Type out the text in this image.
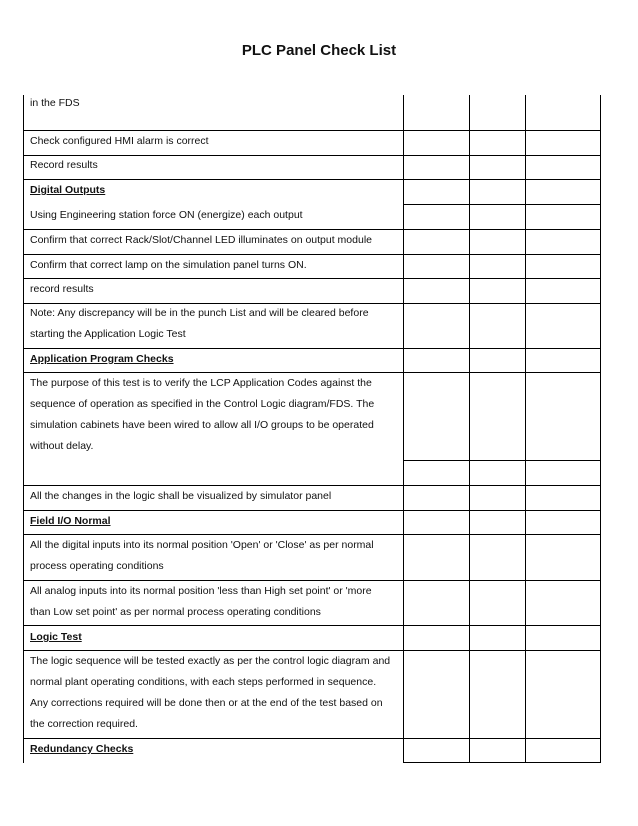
PLC Panel Check List
in the FDS
Check configured HMI alarm is correct
Record results
Digital Outputs
Using Engineering station force ON (energize) each output
Confirm that correct Rack/Slot/Channel LED illuminates on output module
Confirm that correct lamp on the simulation panel turns ON.
record results
Note: Any discrepancy will be in the punch List and will be cleared before
starting the Application Logic Test
Application Program Checks
The purpose of this test is to verify the LCP Application Codes against the
sequence of operation as specified in the Control Logic diagram/FDS. The
simulation cabinets have been wired to allow all I/O groups to be operated
without delay.
All the changes in the logic shall be visualized by simulator panel
Field I/O Normal
All the digital inputs into its normal position 'Open' or 'Close' as per normal
process operating conditions
All analog inputs into its normal position 'less than High set point' or 'more
than Low set point' as per normal process operating conditions
Logic Test
The logic sequence will be tested exactly as per the control logic diagram and
normal plant operating conditions, with each steps performed in sequence.
Any corrections required will be done then or at the end of the test based on
the correction required.
Redundancy Checks
